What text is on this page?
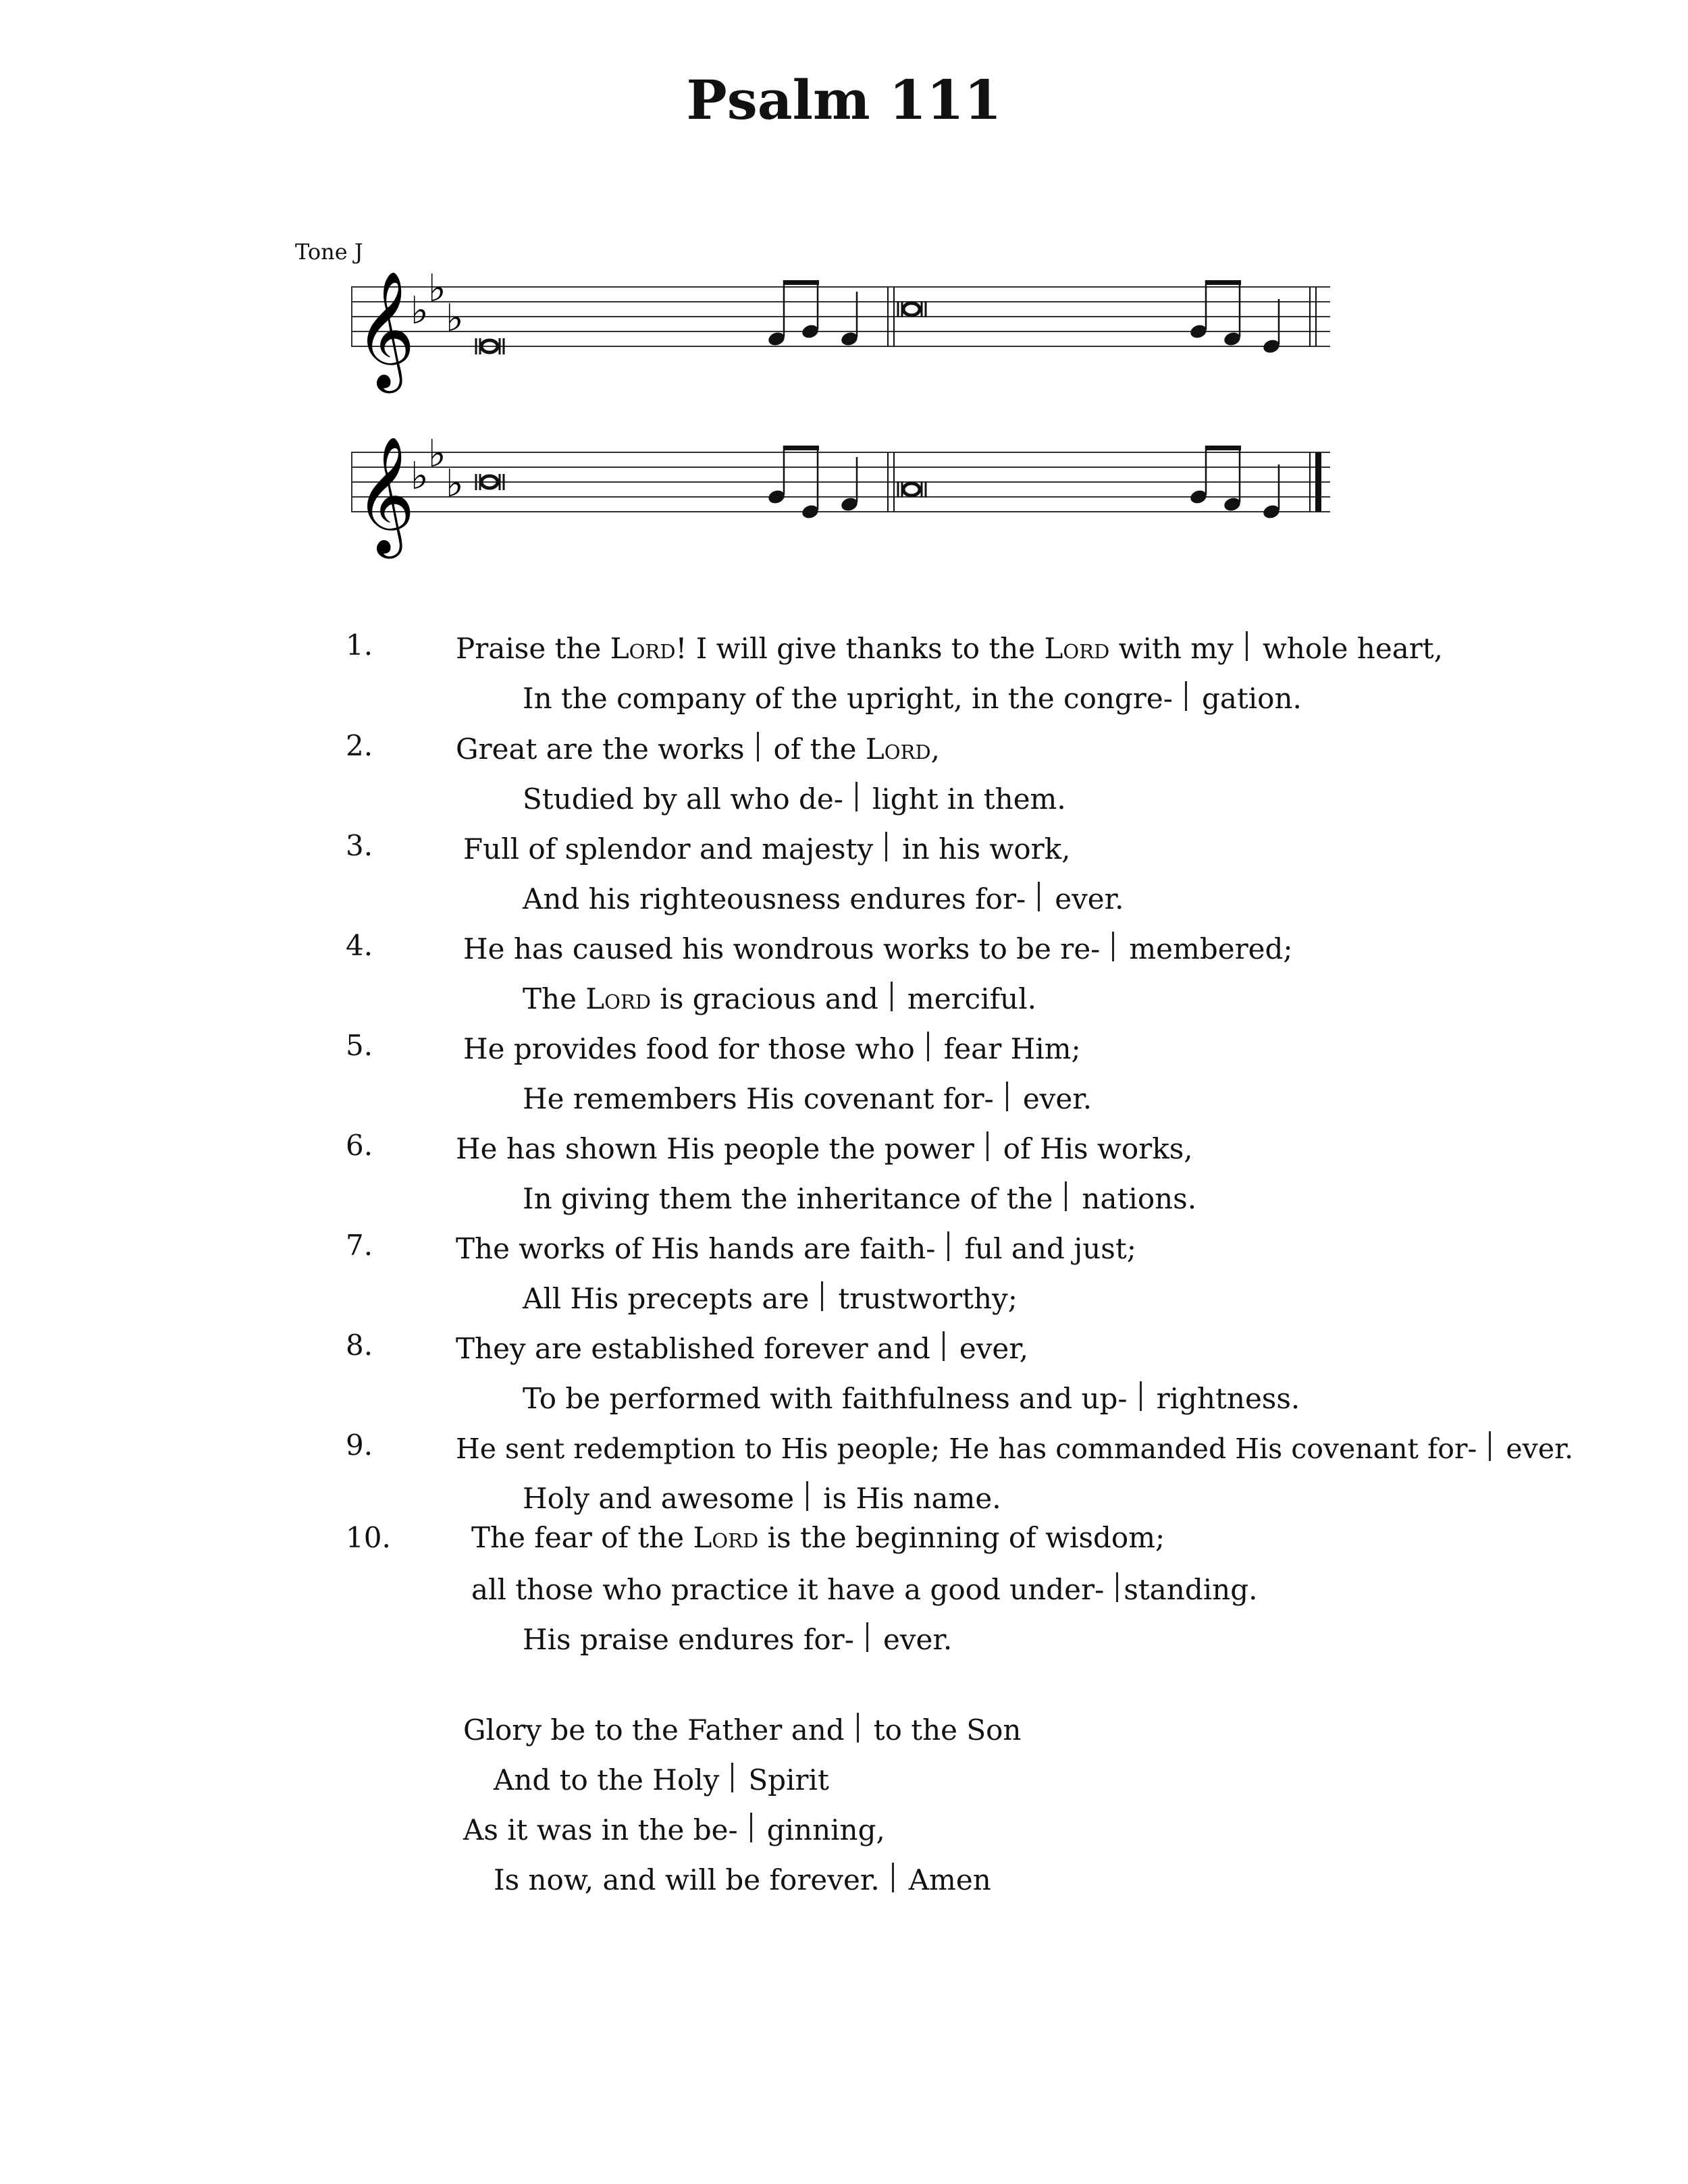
Psalm 111
Tone J
𝄞
♭
♭
♭
𝄞
♭
♭
♭
1.	Praise the Lord! I will give thanks to the Lord with my whole heart,
In the company of the upright, in the congre- gation.
2.	Great are the works of the Lord,
Studied by all who de- light in them.
3.	Full of splendor and majesty in his work,
And his righteousness endures for- ever.
4.	He has caused his wondrous works to be re- membered;
The Lord is gracious and merciful.
5.	He provides food for those who fear Him;
He remembers His covenant for- ever.
6.	He has shown His people the power of His works,
In giving them the inheritance of the nations.
7.	The works of His hands are faith- ful and just;
All His precepts are trustworthy;
8.	They are established forever and ever,
To be performed with faithfulness and up- rightness.
9.	He sent redemption to His people; He has commanded His covenant for- ever.
Holy and awesome is His name.
10.	The fear of the Lord is the beginning of wisdom;
all those who practice it have a good under- standing.
His praise endures for- ever.
Glory be to the Father and to the Son
And to the Holy Spirit
As it was in the be- ginning,
Is now, and will be forever. Amen
